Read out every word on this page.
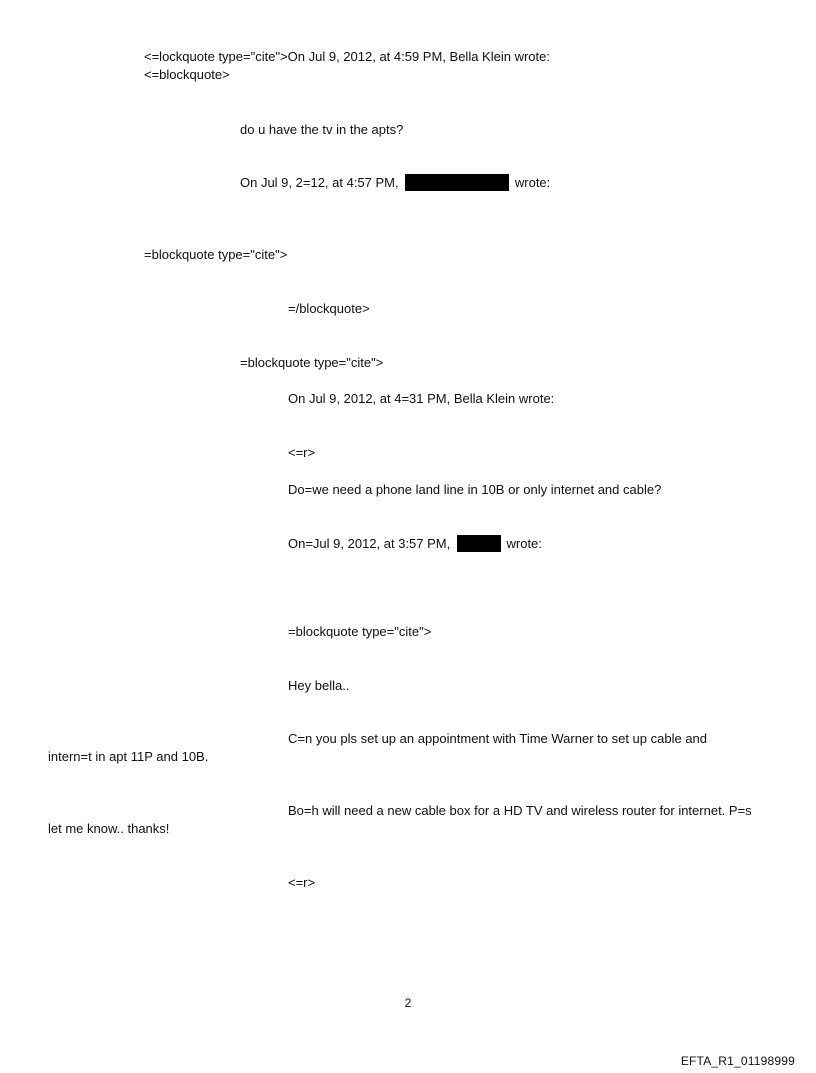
<=lockquote type="cite">On Jul 9, 2012, at 4:59 PM, Bella Klein wrote:
<=blockquote>
do u have the tv in the apts?
On Jul 9, 2=12, at 4:57 PM,	wrote:
=blockquote type="cite">
=/blockquote>
=blockquote type="cite">
On Jul 9, 2012, at 4=31 PM, Bella Klein wrote:
<=r>
Do=we need a phone land line in 10B or only internet and cable?
On=Jul 9, 2012, at 3:57 PM,	wrote:
=blockquote type="cite">
Hey bella..
C=n you pls set up an appointment with Time Warner to set up cable and
intern=t in apt 11P and 10B.
Bo=h will need a new cable box for a HD TV and wireless router for internet. P=s
let me know.. thanks!
<=r>
2
EFTA_R1_01198999
